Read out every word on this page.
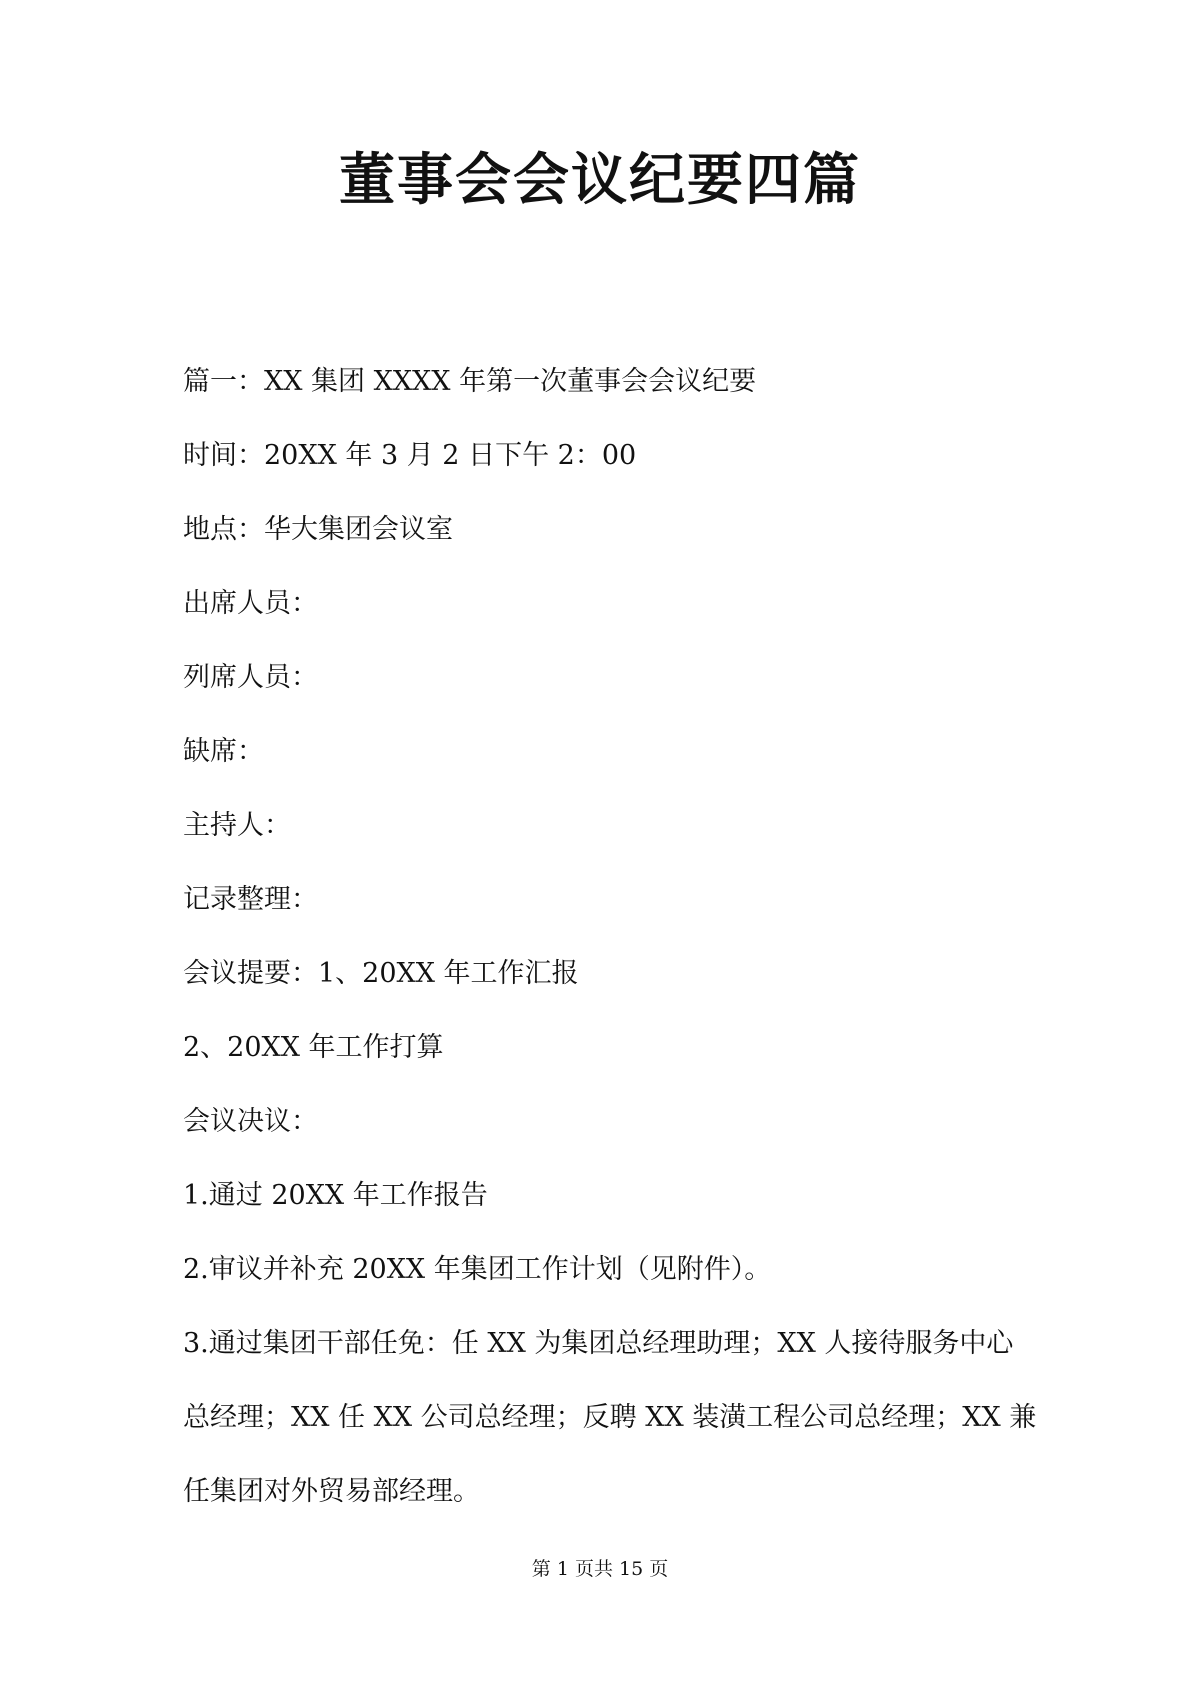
董事会会议纪要四篇

篇一：XX 集团 XXXX 年第一次董事会会议纪要

时间：20XX 年 3 月 2 日下午 2：00

地点：华大集团会议室

出席人员：

列席人员：

缺席：

主持人：

记录整理：

会议提要：1、20XX 年工作汇报

2、20XX 年工作打算

会议决议：

1.通过 20XX 年工作报告

2.审议并补充 20XX 年集团工作计划（见附件）。

3.通过集团干部任免：任 XX 为集团总经理助理；XX 人接待服务中心

总经理；XX 任 XX 公司总经理；反聘 XX 装潢工程公司总经理；XX 兼

任集团对外贸易部经理。

第 1 页共 15 页
